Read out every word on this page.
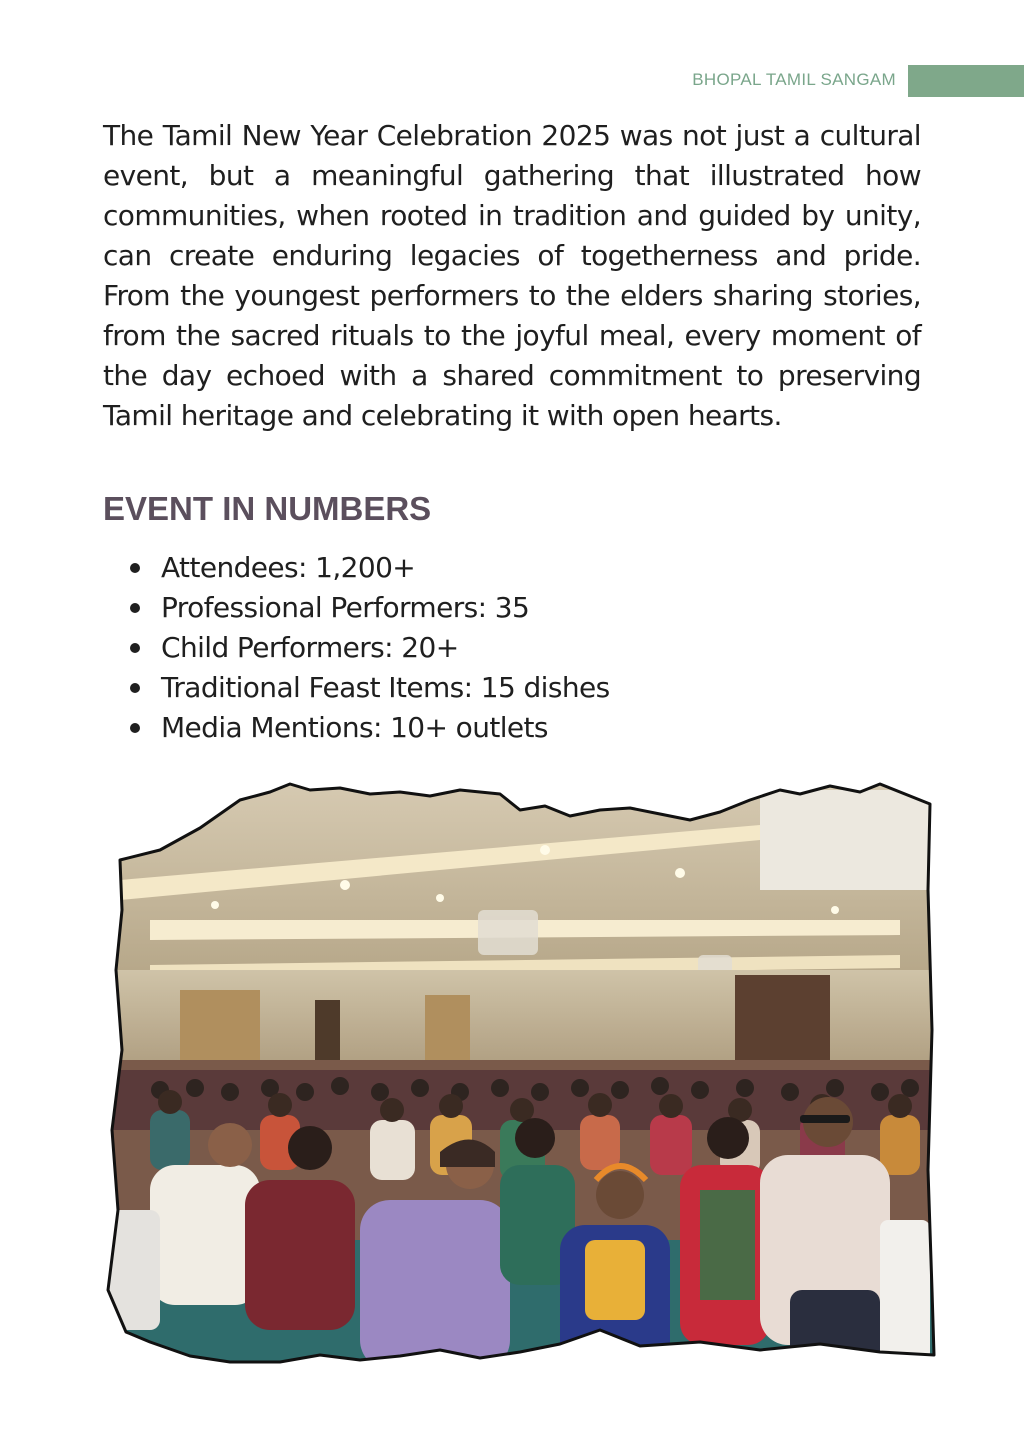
BHOPAL TAMIL SANGAM

The Tamil New Year Celebration 2025 was not just a cultural event, but a meaningful gathering that illustrated how communities, when rooted in tradition and guided by unity, can create enduring legacies of togetherness and pride. From the youngest performers to the elders sharing stories, from the sacred rituals to the joyful meal, every moment of the day echoed with a shared commitment to preserving Tamil heritage and celebrating it with open hearts.

EVENT IN NUMBERS
Attendees: 1,200+
Professional Performers: 35
Child Performers: 20+
Traditional Feast Items: 15 dishes
Media Mentions: 10+ outlets
